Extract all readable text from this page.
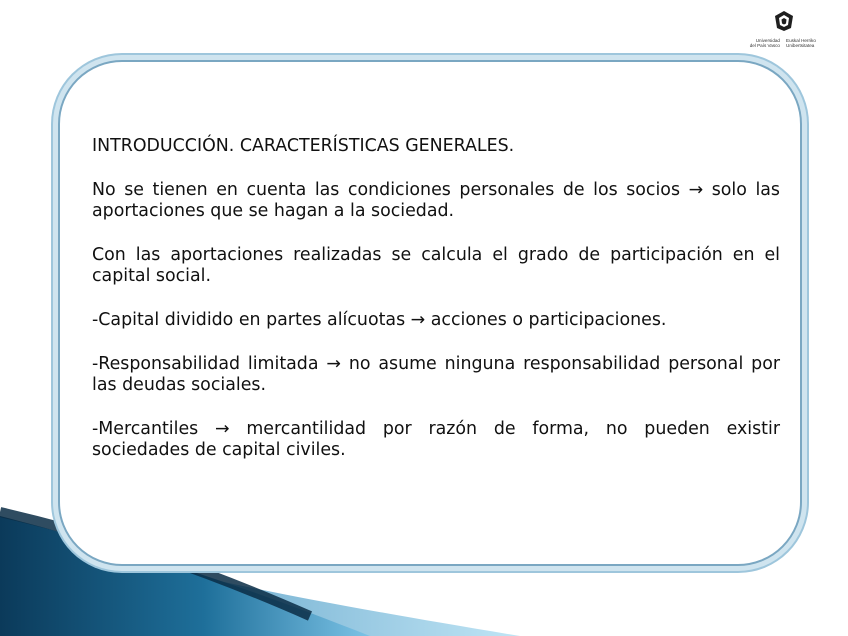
Universidad
del País Vasco
Euskal Herriko
Unibertsitatea

INTRODUCCIÓN. CARACTERÍSTICAS GENERALES.

No se tienen en cuenta las condiciones personales de los socios → solo las aportaciones que se hagan a la sociedad.

Con las aportaciones realizadas se calcula el grado de participación en el capital social.

-Capital dividido en partes alícuotas → acciones o participaciones.

-Responsabilidad limitada → no asume ninguna responsabilidad personal por las deudas sociales.

-Mercantiles → mercantilidad por razón de forma, no pueden existir sociedades de capital civiles.
